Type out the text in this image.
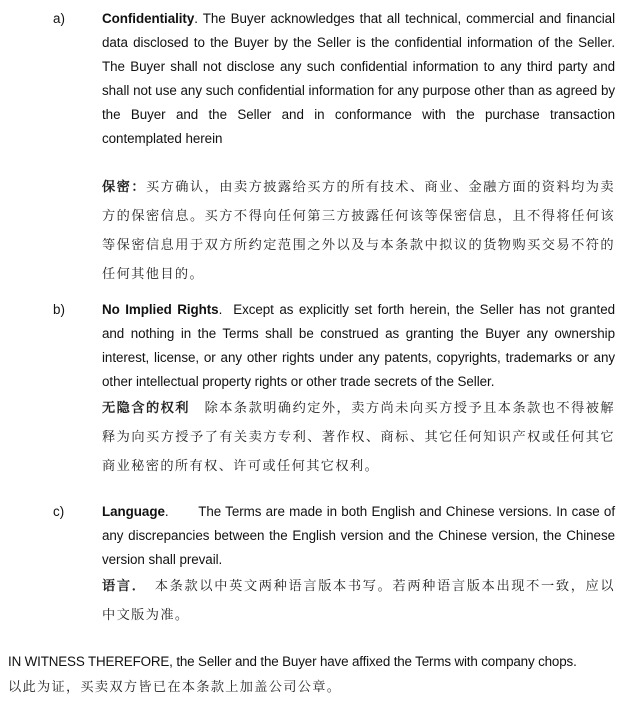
a)	Confidentiality. The Buyer acknowledges that all technical, commercial and financial data disclosed to the Buyer by the Seller is the confidential information of the Seller. The Buyer shall not disclose any such confidential information to any third party and shall not use any such confidential information for any purpose other than as agreed by the Buyer and the Seller and in conformance with the purchase transaction contemplated herein

保密：买方确认，由卖方披露给买方的所有技术、商业、金融方面的资料均为卖方的保密信息。买方不得向任何第三方披露任何该等保密信息，且不得将任何该等保密信息用于双方所约定范围之外以及与本条款中拟议的货物购买交易不符的任何其他目的。

b)	No Implied Rights.  Except as explicitly set forth herein, the Seller has not granted and nothing in the Terms shall be construed as granting the Buyer any ownership interest, license, or any other rights under any patents, copyrights, trademarks or any other intellectual property rights or other trade secrets of the Seller.

无隐含的权利　除本条款明确约定外，卖方尚未向买方授予且本条款也不得被解释为向买方授予了有关卖方专利、著作权、商标、其它任何知识产权或任何其它商业秘密的所有权、许可或任何其它权利。

c)	Language.       The Terms are made in both English and Chinese versions. In case of any discrepancies between the English version and the Chinese version, the Chinese version shall prevail.

语言．　本条款以中英文两种语言版本书写。若两种语言版本出现不一致，应以中文版为准。

IN WITNESS THEREFORE, the Seller and the Buyer have affixed the Terms with company chops.

以此为证，买卖双方皆已在本条款上加盖公司公章。
